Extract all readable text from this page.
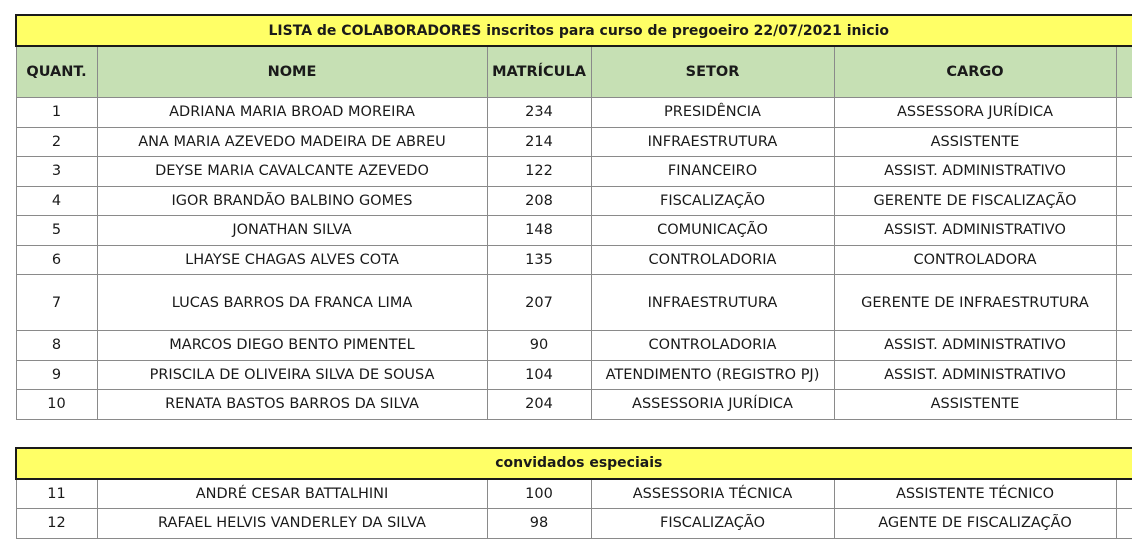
LISTA de COLABORADORES inscritos para curso de pregoeiro 22/07/2021 inicio					
QUANT.	NOME	MATRÍCULA	SETOR	CARGO	
1	ADRIANA MARIA BROAD MOREIRA	234	PRESIDÊNCIA	ASSESSORA JURÍDICA	
2	ANA MARIA AZEVEDO MADEIRA DE ABREU	214	INFRAESTRUTURA	ASSISTENTE	
3	DEYSE MARIA CAVALCANTE AZEVEDO	122	FINANCEIRO	ASSIST. ADMINISTRATIVO	
4	IGOR BRANDÃO BALBINO GOMES	208	FISCALIZAÇÃO	GERENTE DE FISCALIZAÇÃO	
5	JONATHAN SILVA	148	COMUNICAÇÃO	ASSIST. ADMINISTRATIVO	
6	LHAYSE CHAGAS ALVES COTA	135	CONTROLADORIA	CONTROLADORA	
7	LUCAS BARROS DA FRANCA LIMA	207	INFRAESTRUTURA	GERENTE DE INFRAESTRUTURA	
8	MARCOS DIEGO BENTO PIMENTEL	90	CONTROLADORIA	ASSIST. ADMINISTRATIVO	
9	PRISCILA DE OLIVEIRA SILVA DE SOUSA	104	ATENDIMENTO (REGISTRO PJ)	ASSIST. ADMINISTRATIVO	
10	RENATA BASTOS BARROS DA SILVA	204	ASSESSORIA JURÍDICA	ASSISTENTE	
convidados especiais					
11	ANDRÉ CESAR BATTALHINI	100	ASSESSORIA TÉCNICA	ASSISTENTE TÉCNICO	
12	RAFAEL HELVIS VANDERLEY DA SILVA	98	FISCALIZAÇÃO	AGENTE DE FISCALIZAÇÃO	
